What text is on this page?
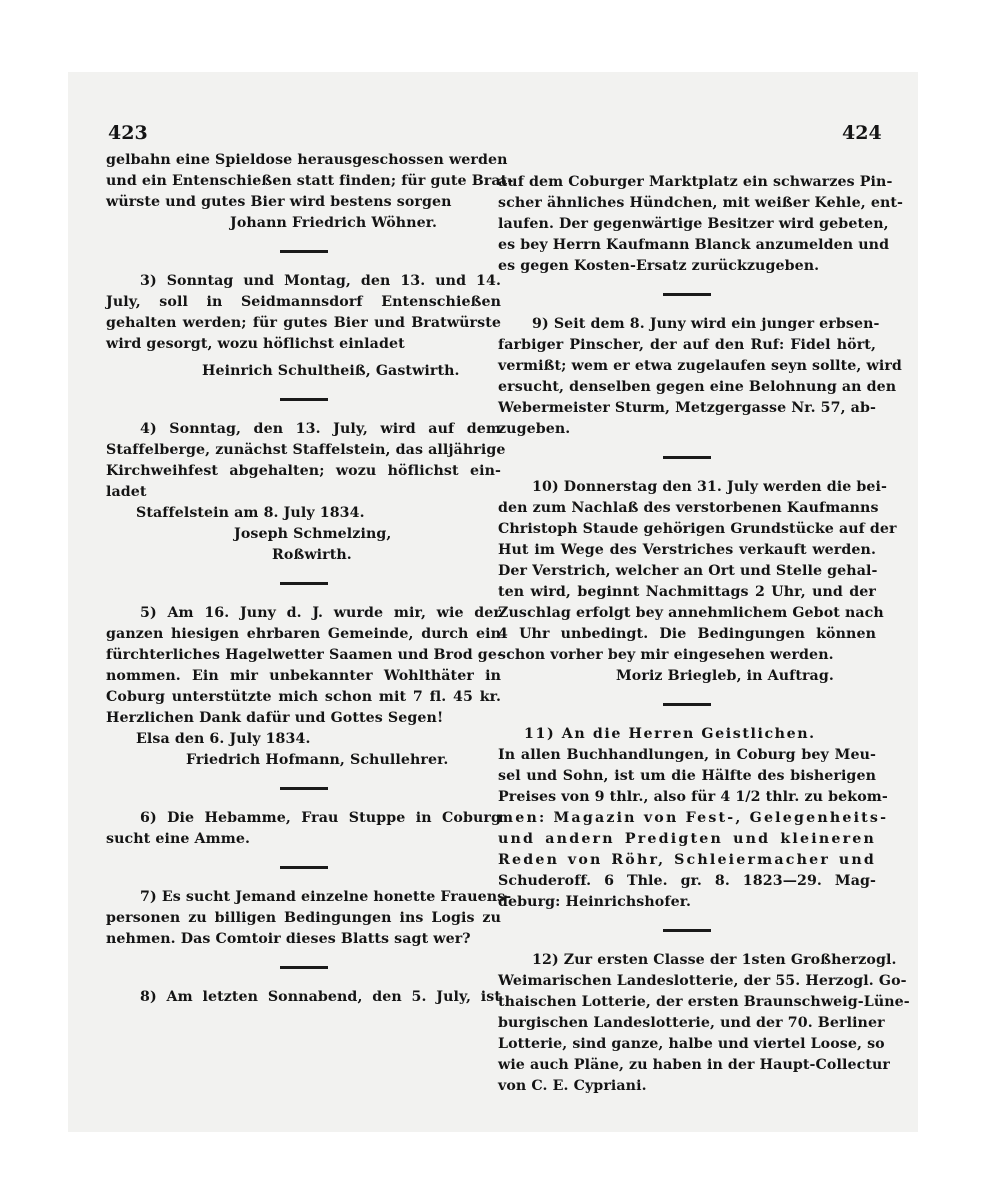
423	424
gelbahn eine Spieldose herausgeschossen werden
und ein Entenschießen statt finden; für gute Brat-
würste und gutes Bier wird bestens sorgen
Johann Friedrich Wöhner.
3) Sonntag und Montag, den 13. und 14.
July, soll in Seidmannsdorf Entenschießen
gehalten werden; für gutes Bier und Bratwürste
wird gesorgt, wozu höflichst einladet
Heinrich Schultheiß, Gastwirth.
4) Sonntag, den 13. July, wird auf dem
Staffelberge, zunächst Staffelstein, das alljährige
Kirchweihfest abgehalten; wozu höflichst ein-
ladet
Staffelstein am 8. July 1834.
Joseph Schmelzing,
Roßwirth.
5) Am 16. Juny d. J. wurde mir, wie der
ganzen hiesigen ehrbaren Gemeinde, durch ein
fürchterliches Hagelwetter Saamen und Brod ge-
nommen. Ein mir unbekannter Wohlthäter in
Coburg unterstützte mich schon mit 7 fl. 45 kr.
Herzlichen Dank dafür und Gottes Segen!
Elsa den 6. July 1834.
Friedrich Hofmann, Schullehrer.
6) Die Hebamme, Frau Stuppe in Coburg
sucht eine Amme.
7) Es sucht Jemand einzelne honette Frauens-
personen zu billigen Bedingungen ins Logis zu
nehmen. Das Comtoir dieses Blatts sagt wer?
8) Am letzten Sonnabend, den 5. July, ist
auf dem Coburger Marktplatz ein schwarzes Pin-
scher ähnliches Hündchen, mit weißer Kehle, ent-
laufen. Der gegenwärtige Besitzer wird gebeten,
es bey Herrn Kaufmann Blanck anzumelden und
es gegen Kosten-Ersatz zurückzugeben.
9) Seit dem 8. Juny wird ein junger erbsen-
farbiger Pinscher, der auf den Ruf: Fidel hört,
vermißt; wem er etwa zugelaufen seyn sollte, wird
ersucht, denselben gegen eine Belohnung an den
Webermeister Sturm, Metzgergasse Nr. 57, ab-
zugeben.
10) Donnerstag den 31. July werden die bei-
den zum Nachlaß des verstorbenen Kaufmanns
Christoph Staude gehörigen Grundstücke auf der
Hut im Wege des Verstriches verkauft werden.
Der Verstrich, welcher an Ort und Stelle gehal-
ten wird, beginnt Nachmittags 2 Uhr, und der
Zuschlag erfolgt bey annehmlichem Gebot nach
4 Uhr unbedingt. Die Bedingungen können
schon vorher bey mir eingesehen werden.
Moriz Briegleb, in Auftrag.
11) An die Herren Geistlichen.
In allen Buchhandlungen, in Coburg bey Meu-
sel und Sohn, ist um die Hälfte des bisherigen
Preises von 9 thlr., also für 4 1/2 thlr. zu bekom-
men: Magazin von Fest-, Gelegenheits-
und andern Predigten und kleineren
Reden von Röhr, Schleiermacher und
Schuderoff. 6 Thle. gr. 8. 1823—29. Mag-
deburg: Heinrichshofer.
12) Zur ersten Classe der 1sten Großherzogl.
Weimarischen Landeslotterie, der 55. Herzogl. Go-
thaischen Lotterie, der ersten Braunschweig-Lüne-
burgischen Landeslotterie, und der 70. Berliner
Lotterie, sind ganze, halbe und viertel Loose, so
wie auch Pläne, zu haben in der Haupt-Collectur
von C. E. Cypriani.
